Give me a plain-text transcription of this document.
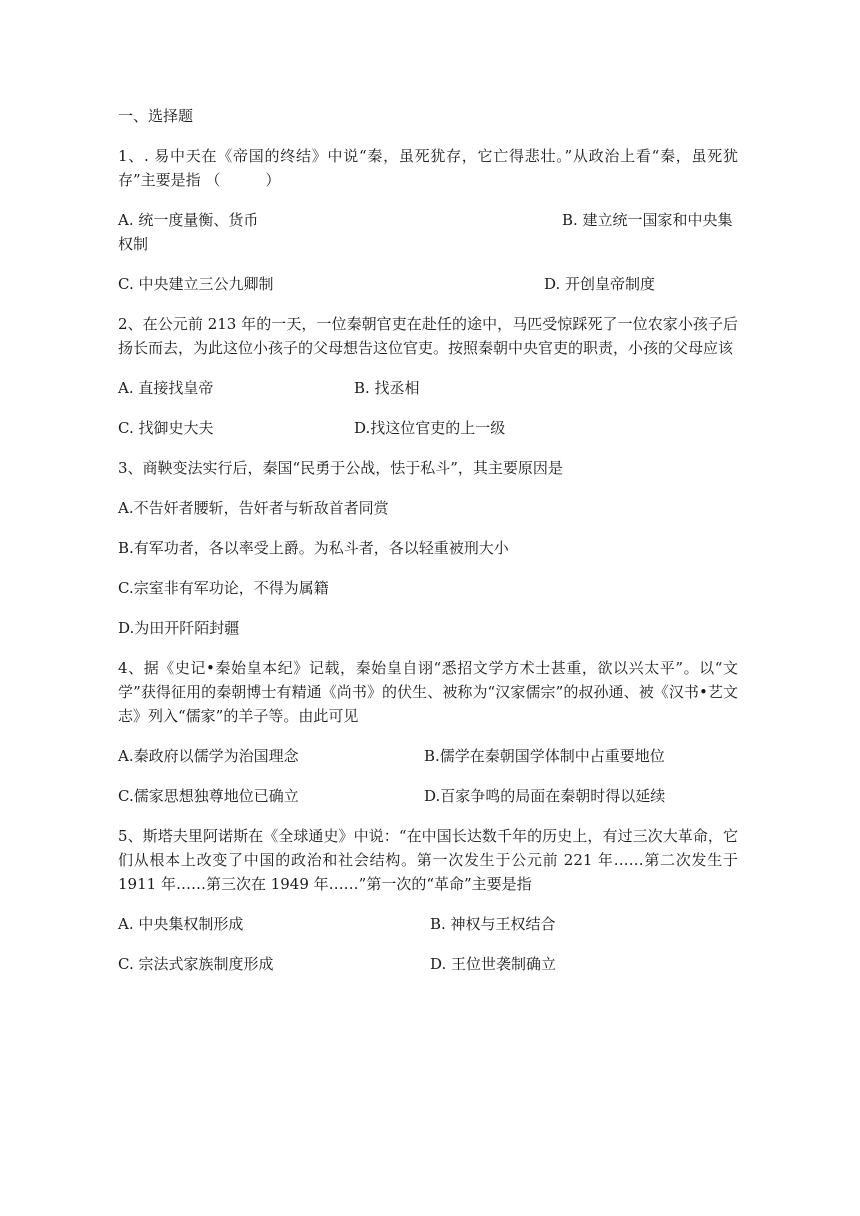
一、选择题
1、. 易中天在《帝国的终结》中说“秦，虽死犹存，它亡得悲壮。”从政治上看“秦，虽死犹存”主要是指 （　　　）
A. 统一度量衡、货币	B. 建立统一国家和中央集权制
C. 中央建立三公九卿制	D. 开创皇帝制度
2、在公元前 213 年的一天，一位秦朝官吏在赴任的途中，马匹受惊踩死了一位农家小孩子后扬长而去，为此这位小孩子的父母想告这位官吏。按照秦朝中央官吏的职责，小孩的父母应该
A. 直接找皇帝	B. 找丞相
C. 找御史大夫	D.找这位官吏的上一级
3、商鞅变法实行后，秦国“民勇于公战，怯于私斗”，其主要原因是
A.不告奸者腰斩，告奸者与斩敌首者同赏
B.有军功者，各以率受上爵。为私斗者，各以轻重被刑大小
C.宗室非有军功论，不得为属籍
D.为田开阡陌封疆
4、据《史记•秦始皇本纪》记载，秦始皇自诩“悉招文学方术士甚重，欲以兴太平”。以“文 学”获得征用的秦朝博士有精通《尚书》的伏生、被称为“汉家儒宗”的叔孙通、被《汉书•艺文志》列入“儒家”的羊子等。由此可见
A.秦政府以儒学为治国理念	B.儒学在秦朝国学体制中占重要地位
C.儒家思想独尊地位已确立	D.百家争鸣的局面在秦朝时得以延续
5、斯塔夫里阿诺斯在《全球通史》中说：“在中国长达数千年的历史上，有过三次大革命，它们从根本上改变了中国的政治和社会结构。第一次发生于公元前 221 年……第二次发生于 1911 年……第三次在 1949 年……”第一次的“革命”主要是指
A. 中央集权制形成	B. 神权与王权结合
C. 宗法式家族制度形成	D. 王位世袭制确立
